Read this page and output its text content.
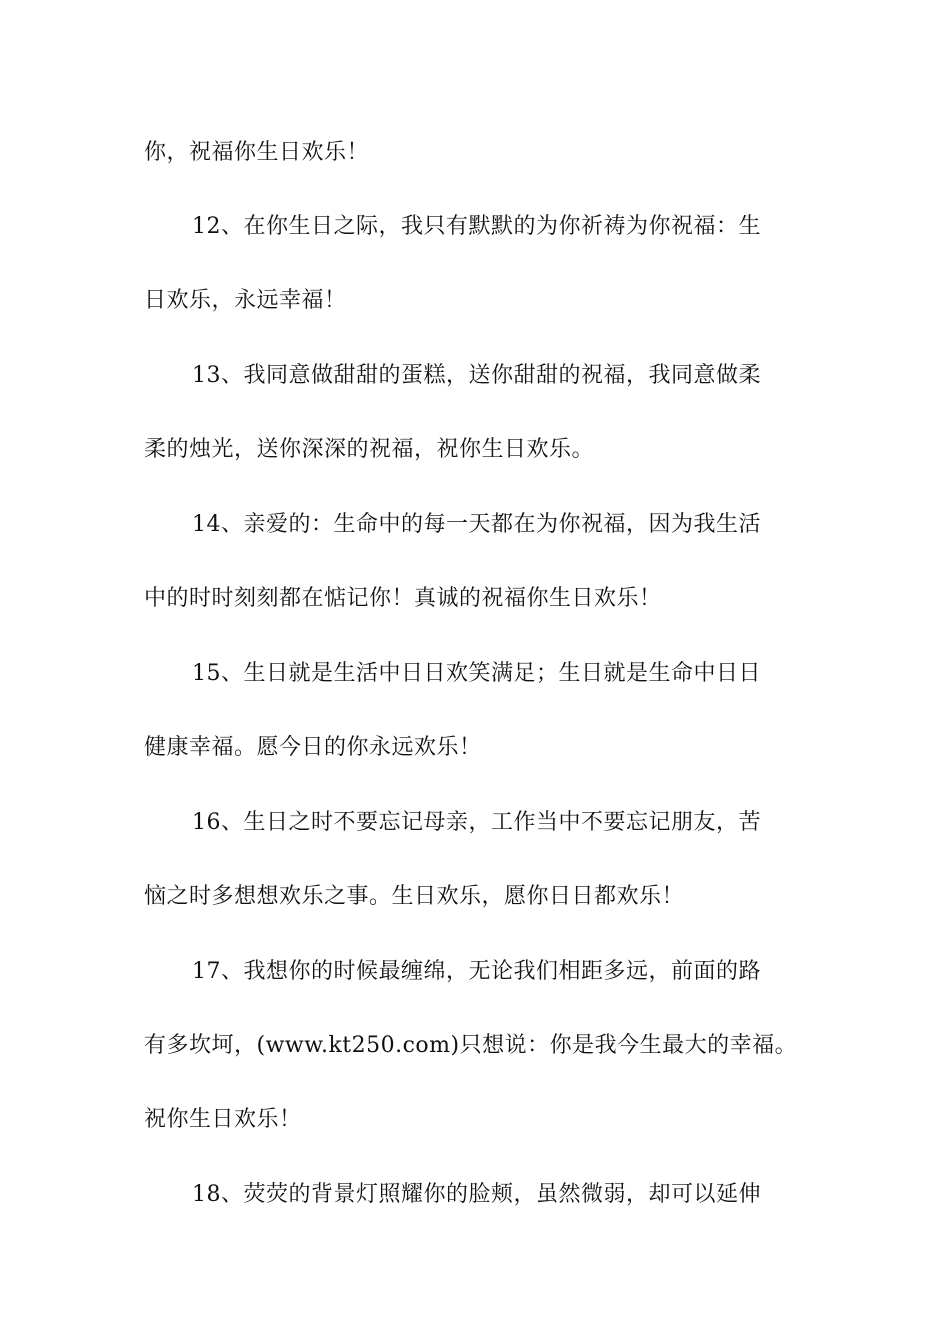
你，祝福你生日欢乐！
12、在你生日之际，我只有默默的为你祈祷为你祝福：生
日欢乐，永远幸福！
13、我同意做甜甜的蛋糕，送你甜甜的祝福，我同意做柔
柔的烛光，送你深深的祝福，祝你生日欢乐。
14、亲爱的：生命中的每一天都在为你祝福，因为我生活
中的时时刻刻都在惦记你！真诚的祝福你生日欢乐！
15、生日就是生活中日日欢笑满足；生日就是生命中日日
健康幸福。愿今日的你永远欢乐！
16、生日之时不要忘记母亲，工作当中不要忘记朋友，苦
恼之时多想想欢乐之事。生日欢乐，愿你日日都欢乐！
17、我想你的时候最缠绵，无论我们相距多远，前面的路
有多坎坷，(www.kt250.com)只想说：你是我今生最大的幸福。
祝你生日欢乐！
18、荧荧的背景灯照耀你的脸颊，虽然微弱，却可以延伸
